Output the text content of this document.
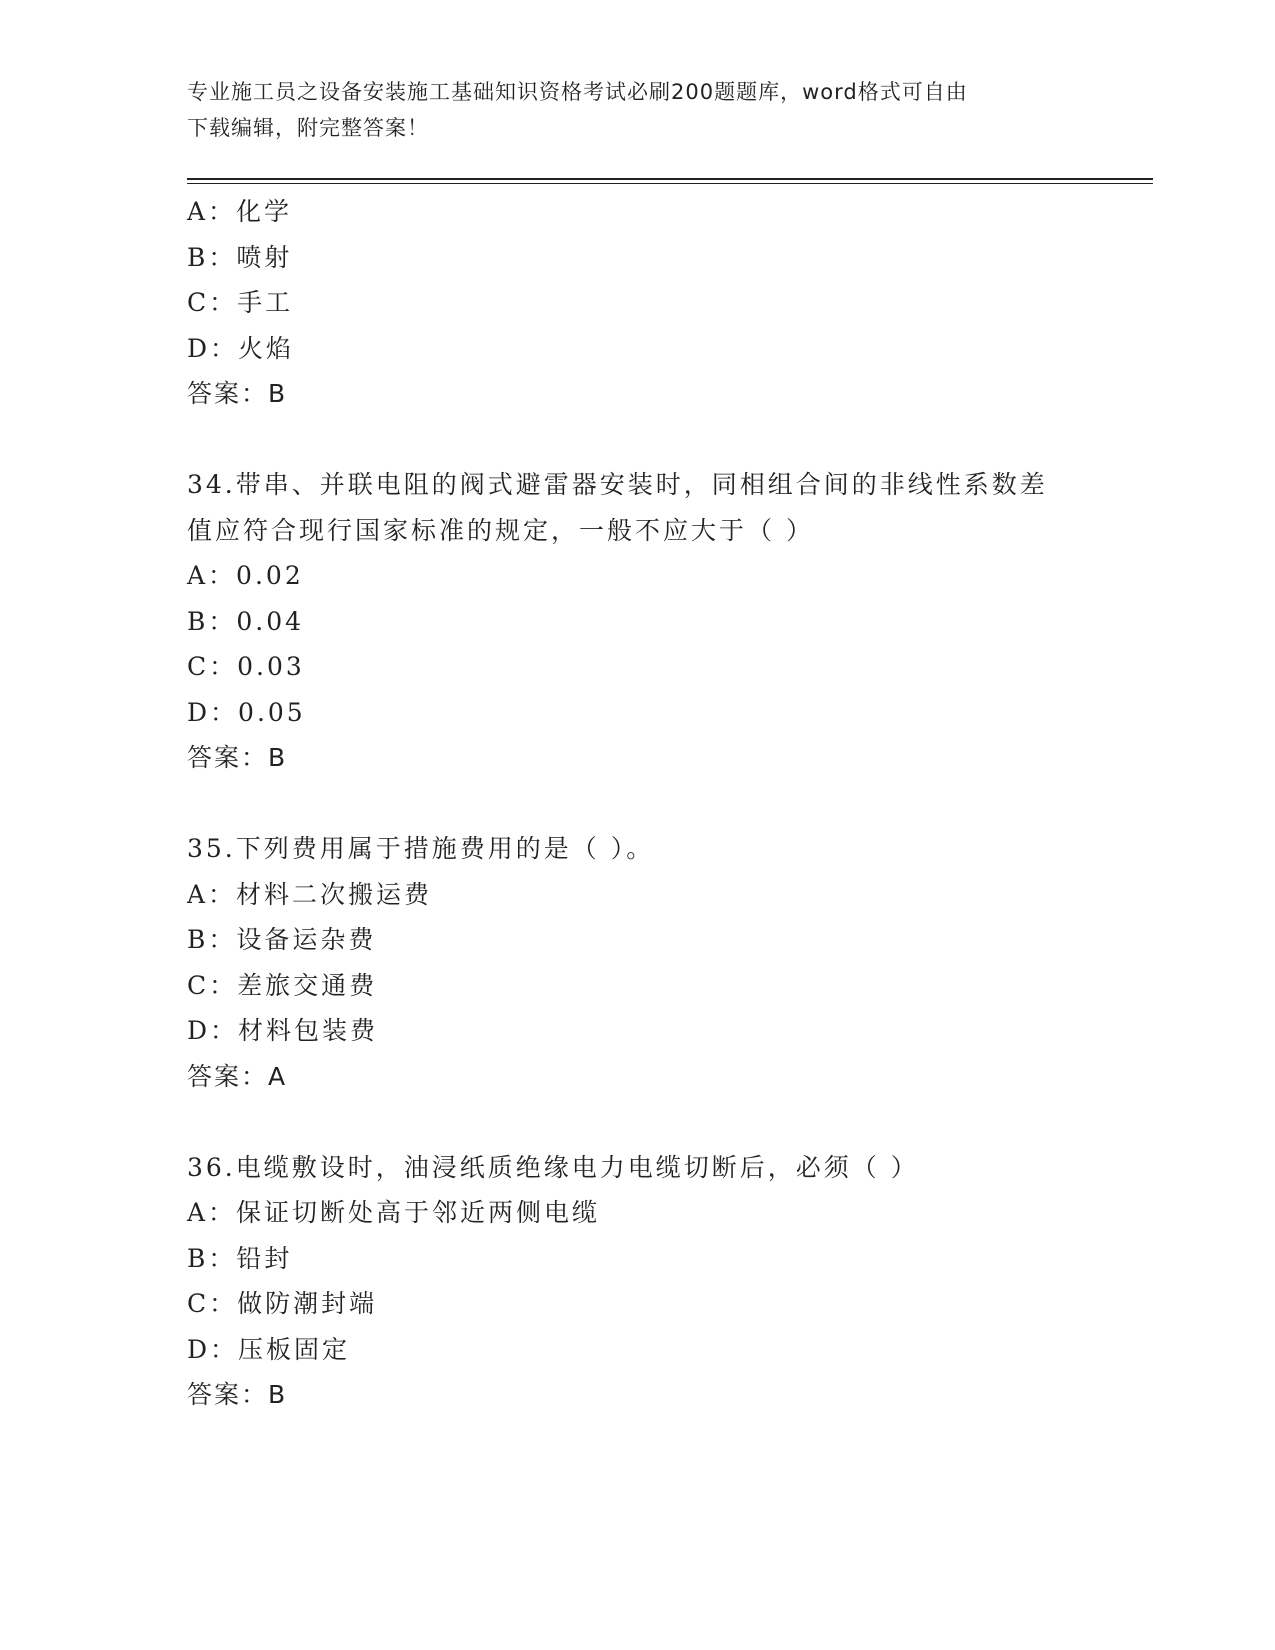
专业施工员之设备安装施工基础知识资格考试必刷200题题库，word格式可自由
下载编辑，附完整答案！
A：化学
B：喷射
C：手工
D：火焰
答案：B
34.带串、并联电阻的阀式避雷器安装时，同相组合间的非线性系数差
值应符合现行国家标准的规定，一般不应大于（ ）
A：0.02
B：0.04
C：0.03
D：0.05
答案：B
35.下列费用属于措施费用的是（ ）。
A：材料二次搬运费
B：设备运杂费
C：差旅交通费
D：材料包装费
答案：A
36.电缆敷设时，油浸纸质绝缘电力电缆切断后，必须（ ）
A：保证切断处高于邻近两侧电缆
B：铅封
C：做防潮封端
D：压板固定
答案：B
